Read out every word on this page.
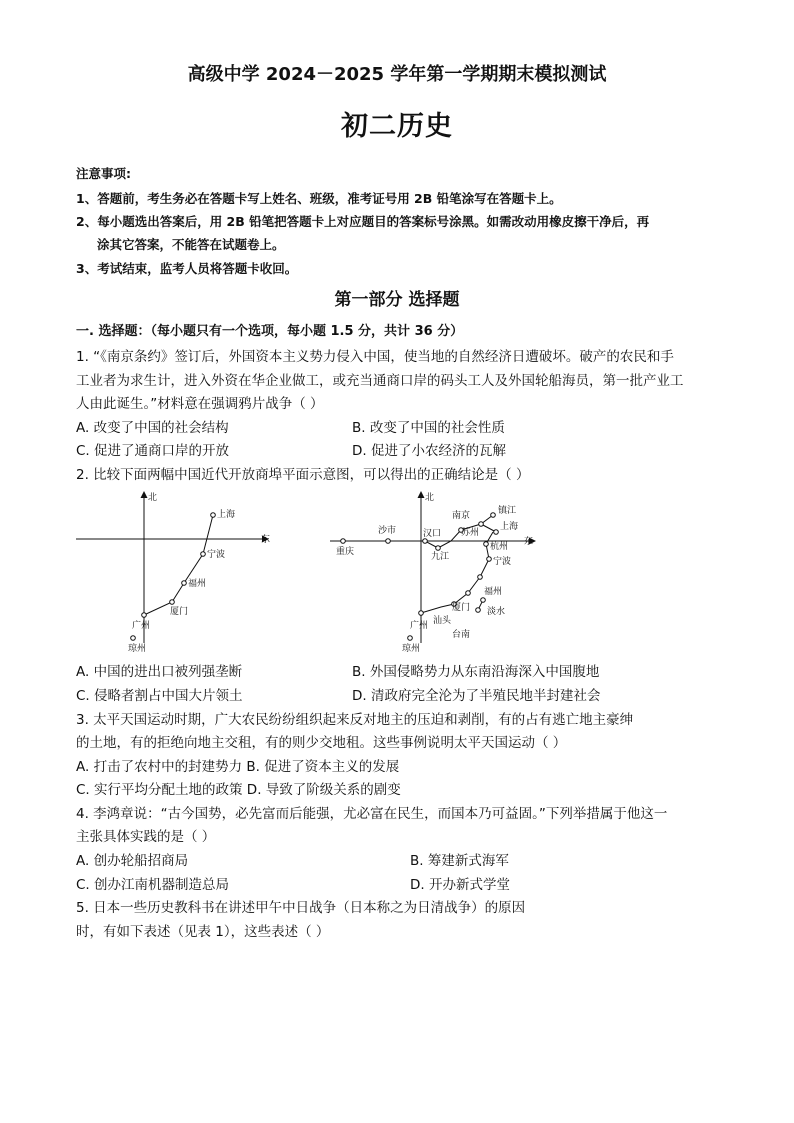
高级中学 2024－2025 学年第一学期期末模拟测试
初二历史
注意事项:
1、答题前，考生务必在答题卡写上姓名、班级，准考证号用 2B 铅笔涂写在答题卡上。
2、每小题选出答案后，用 2B 铅笔把答题卡上对应题目的答案标号涂黑。如需改动用橡皮擦干净后，再
涂其它答案，不能答在试题卷上。
3、考试结束，监考人员将答题卡收回。
第一部分 选择题
一. 选择题：（每小题只有一个选项，每小题 1.5 分，共计 36 分）
1. “《南京条约》签订后，外国资本主义势力侵入中国，使当地的自然经济日遭破坏。破产的农民和手
工业者为求生计，进入外资在华企业做工，或充当通商口岸的码头工人及外国轮船海员，第一批产业工
人由此诞生。”材料意在强调鸦片战争（ ）
A. 改变了中国的社会结构	B. 改变了中国的社会性质
C. 促进了通商口岸的开放	D. 促进了小农经济的瓦解
2. 比较下面两幅中国近代开放商埠平面示意图，可以得出的正确结论是（ ）
北
东
上海
宁波
福州
厦门
广州
琼州
北
东
重庆
沙市	汉口
九江
南京	镇江
苏州
上海
杭州
宁波
福州
厦门
汕头
淡水
台南
广州
琼州
A. 中国的进出口被列强垄断	B. 外国侵略势力从东南沿海深入中国腹地
C. 侵略者割占中国大片领土	D. 清政府完全沦为了半殖民地半封建社会
3. 太平天国运动时期，广大农民纷纷组织起来反对地主的压迫和剥削，有的占有逃亡地主豪绅
的土地，有的拒绝向地主交租，有的则少交地租。这些事例说明太平天国运动（ ）
A. 打击了农村中的封建势力 B. 促进了资本主义的发展
C. 实行平均分配土地的政策 D. 导致了阶级关系的剧变
4. 李鸿章说：“古今国势，必先富而后能强，尤必富在民生，而国本乃可益固。”下列举措属于他这一
主张具体实践的是（ ）
A. 创办轮船招商局	B. 筹建新式海军
C. 创办江南机器制造总局	D. 开办新式学堂
5. 日本一些历史教科书在讲述甲午中日战争（日本称之为日清战争）的原因
时，有如下表述（见表 1），这些表述（ ）
